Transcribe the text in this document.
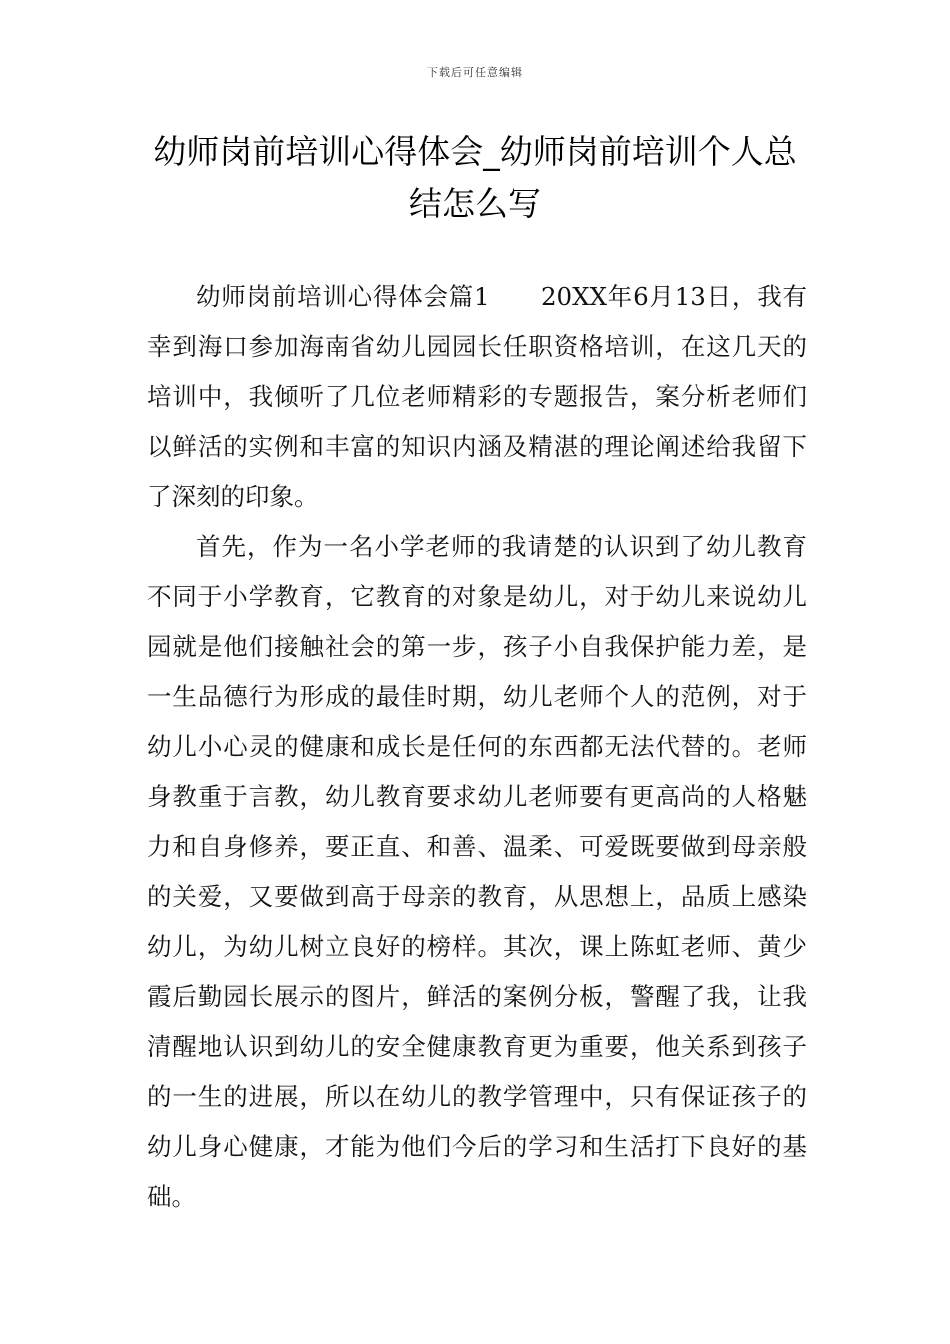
下载后可任意编辑
幼师岗前培训心得体会_幼师岗前培训个人总结怎么写

幼师岗前培训心得体会篇1　　20XX年6月13日，我有幸到海口参加海南省幼儿园园长任职资格培训，在这几天的培训中，我倾听了几位老师精彩的专题报告，案分析老师们以鲜活的实例和丰富的知识内涵及精湛的理论阐述给我留下了深刻的印象。

首先，作为一名小学老师的我请楚的认识到了幼儿教育不同于小学教育，它教育的对象是幼儿，对于幼儿来说幼儿园就是他们接触社会的第一步，孩子小自我保护能力差，是一生品德行为形成的最佳时期，幼儿老师个人的范例，对于幼儿小心灵的健康和成长是任何的东西都无法代替的。老师身教重于言教，幼儿教育要求幼儿老师要有更高尚的人格魅力和自身修养，要正直、和善、温柔、可爱既要做到母亲般的关爱，又要做到高于母亲的教育，从思想上，品质上感染幼儿，为幼儿树立良好的榜样。其次，课上陈虹老师、黄少霞后勤园长展示的图片，鲜活的案例分板，警醒了我，让我清醒地认识到幼儿的安全健康教育更为重要，他关系到孩子的一生的进展，所以在幼儿的教学管理中，只有保证孩子的幼儿身心健康，才能为他们今后的学习和生活打下良好的基础。
